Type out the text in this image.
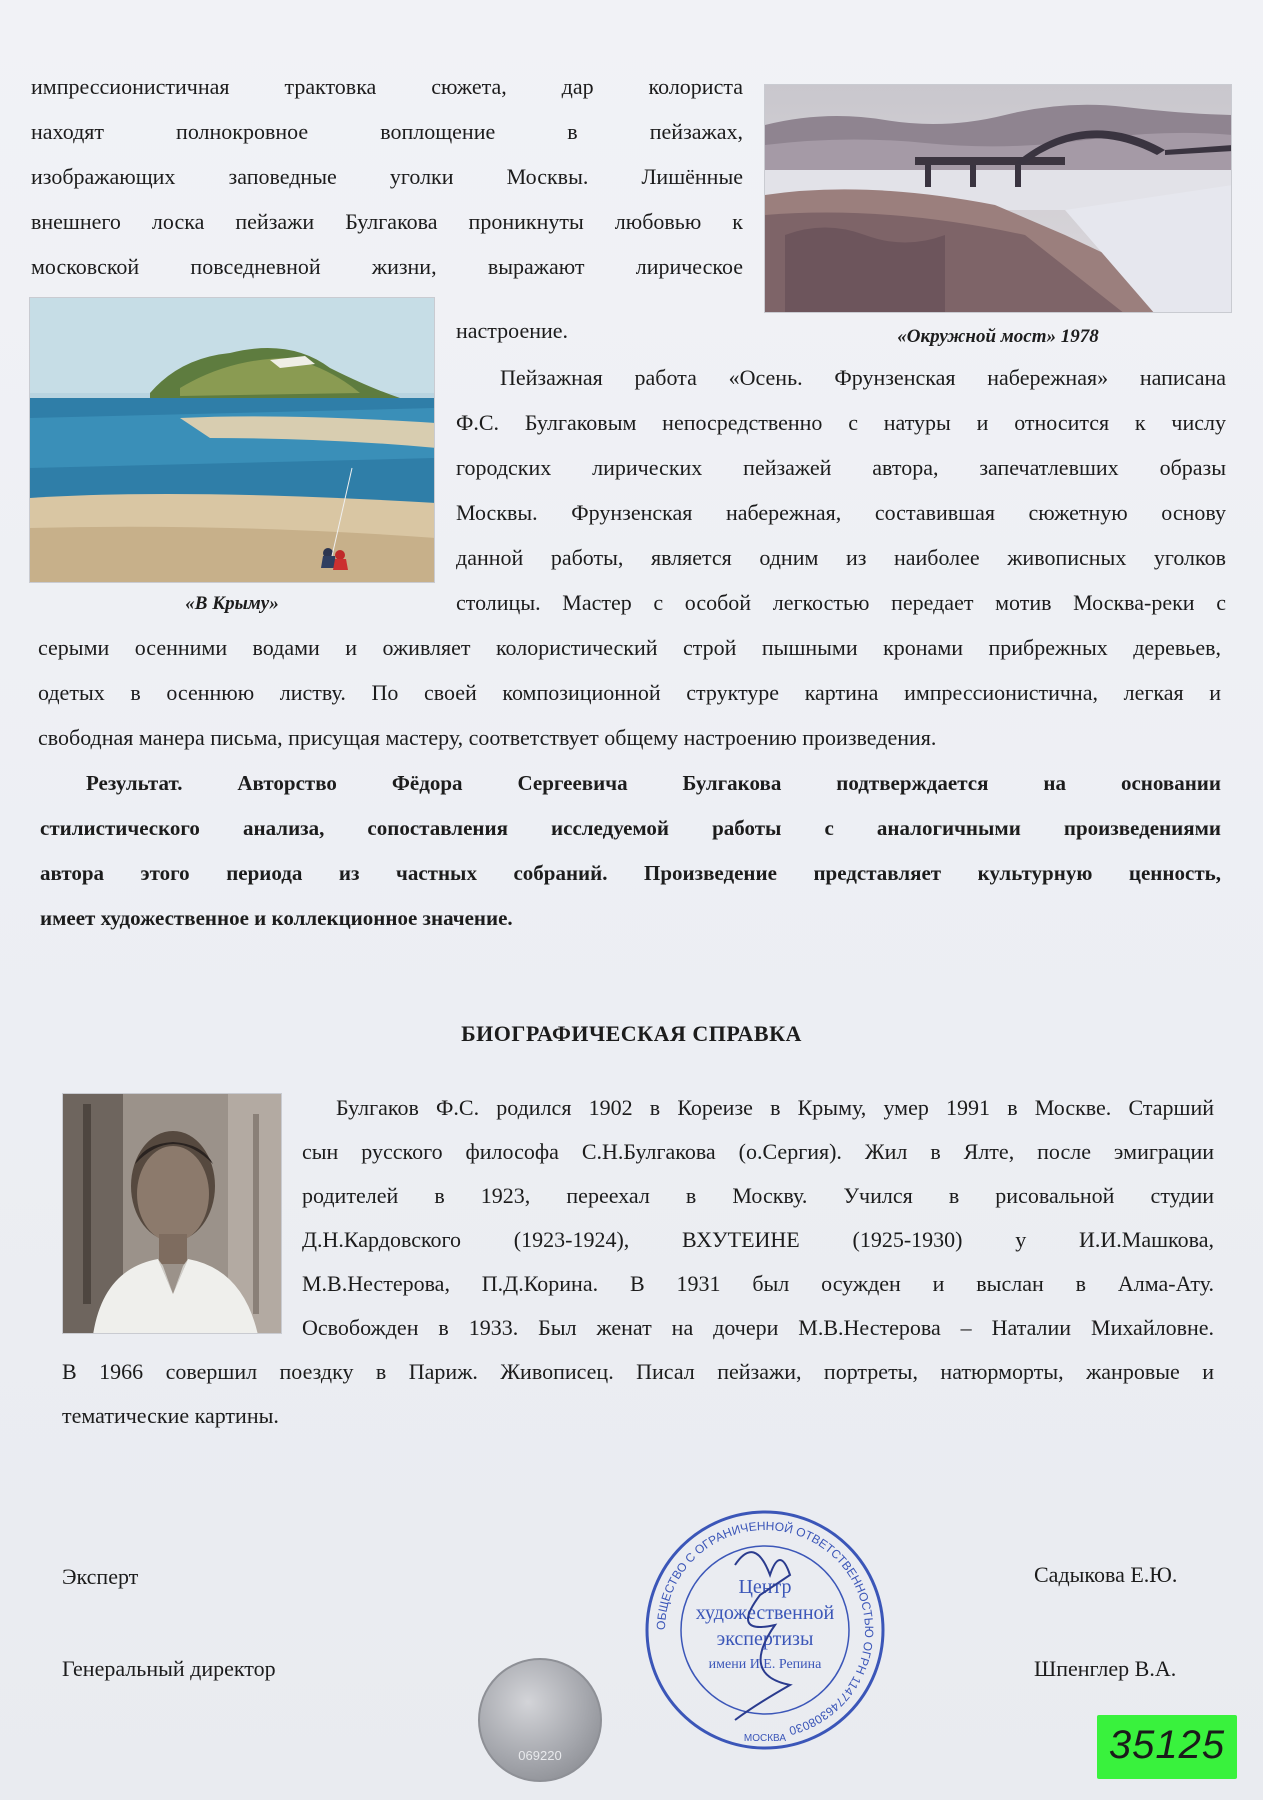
импрессионистичная трактовка сюжета, дар колориста
находят полнокровное воплощение в пейзажах,
изображающих заповедные уголки Москвы. Лишённые
внешнего лоска пейзажи Булгакова проникнуты любовью к
московской повседневной жизни, выражают лирическое
настроение.	«Окружной мост» 1978
«В Крыму»
Пейзажная работа «Осень. Фрунзенская набережная» написана
Ф.С. Булгаковым непосредственно с натуры и относится к числу
городских лирических пейзажей автора, запечатлевших образы
Москвы. Фрунзенская набережная, составившая сюжетную основу
данной работы, является одним из наиболее живописных уголков
столицы. Мастер с особой легкостью передает мотив Москва-реки с
серыми осенними водами и оживляет колористический строй пышными кронами прибрежных деревьев,
одетых в осеннюю листву. По своей композиционной структуре картина импрессионистична, легкая и
свободная манера письма, присущая мастеру, соответствует общему настроению произведения.
Результат. Авторство Фёдора Сергеевича Булгакова подтверждается на основании
стилистического анализа, сопоставления исследуемой работы с аналогичными произведениями
автора этого периода из частных собраний. Произведение представляет культурную ценность,
имеет художественное и коллекционное значение.
БИОГРАФИЧЕСКАЯ СПРАВКА
Булгаков Ф.С. родился 1902 в Кореизе в Крыму, умер 1991 в Москве. Старший
сын русского философа С.Н.Булгакова (о.Сергия). Жил в Ялте, после эмиграции
родителей в 1923, переехал в Москву. Учился в рисовальной студии
Д.Н.Кардовского (1923-1924), ВХУТЕИНЕ (1925-1930) у И.И.Машкова,
М.В.Нестерова, П.Д.Корина. В 1931 был осужден и выслан в Алма-Ату.
Освобожден в 1933. Был женат на дочери М.В.Нестерова – Наталии Михайловне.
В 1966 совершил поездку в Париж. Живописец. Писал пейзажи, портреты, натюрморты, жанровые и
тематические картины.
Эксперт	Садыкова Е.Ю.
Генеральный директор	Шпенглер В.А.
ОБЩЕСТВО С ОГРАНИЧЕННОЙ ОТВЕТСТВЕННОСТЬЮ ОГРН 1147746308030
МОСКВА
Центр
художественной
экспертизы
имени И.Е. Репина
069220	35125
